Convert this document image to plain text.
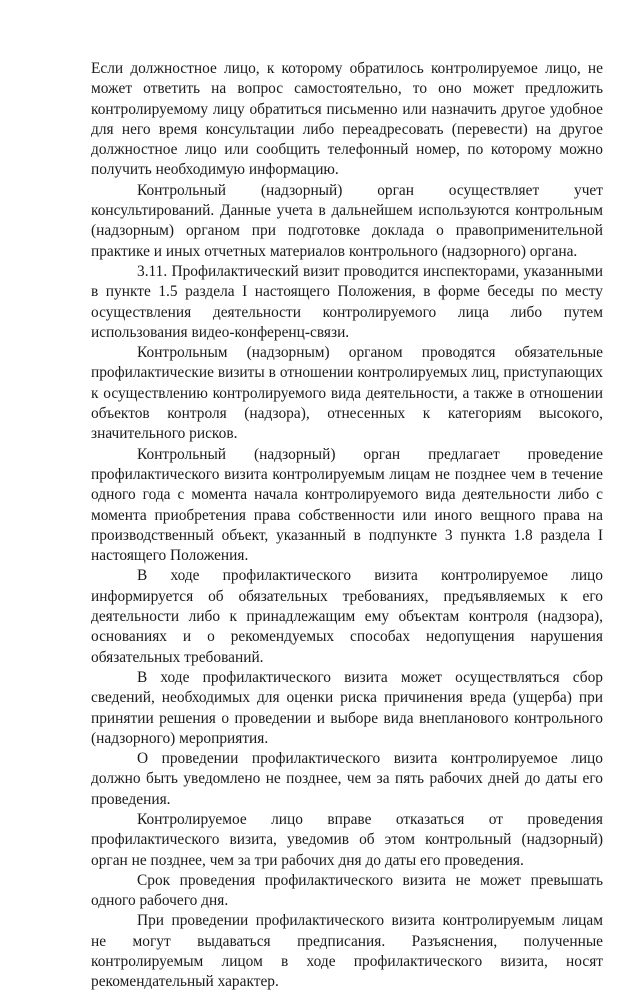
Если должностное лицо, к которому обратилось контролируемое лицо, не может ответить на вопрос самостоятельно, то оно может предложить контролируемому лицу обратиться письменно или назначить другое удобное для него время консультации либо переадресовать (перевести) на другое должностное лицо или сообщить телефонный номер, по которому можно получить необходимую информацию.

Контрольный (надзорный) орган осуществляет учет консультирований. Данные учета в дальнейшем используются контрольным (надзорным) органом при подготовке доклада о правоприменительной практике и иных отчетных материалов контрольного (надзорного) органа.

3.11. Профилактический визит проводится инспекторами, указанными в пункте 1.5 раздела I настоящего Положения, в форме беседы по месту осуществления деятельности контролируемого лица либо путем использования видео-конференц-связи.

Контрольным (надзорным) органом проводятся обязательные профилактические визиты в отношении контролируемых лиц, приступающих к осуществлению контролируемого вида деятельности, а также в отношении объектов контроля (надзора), отнесенных к категориям высокого, значительного рисков.

Контрольный (надзорный) орган предлагает проведение профилактического визита контролируемым лицам не позднее чем в течение одного года с момента начала контролируемого вида деятельности либо с момента приобретения права собственности или иного вещного права на производственный объект, указанный в подпункте 3 пункта 1.8 раздела I настоящего Положения.

В ходе профилактического визита контролируемое лицо информируется об обязательных требованиях, предъявляемых к его деятельности либо к принадлежащим ему объектам контроля (надзора), основаниях и о рекомендуемых способах недопущения нарушения обязательных требований.

В ходе профилактического визита может осуществляться сбор сведений, необходимых для оценки риска причинения вреда (ущерба) при принятии решения о проведении и выборе вида внепланового контрольного (надзорного) мероприятия.

О проведении профилактического визита контролируемое лицо должно быть уведомлено не позднее, чем за пять рабочих дней до даты его проведения.

Контролируемое лицо вправе отказаться от проведения профилактического визита, уведомив об этом контрольный (надзорный) орган не позднее, чем за три рабочих дня до даты его проведения.

Срок проведения профилактического визита не может превышать одного рабочего дня.

При проведении профилактического визита контролируемым лицам не могут выдаваться предписания. Разъяснения, полученные контролируемым лицом в ходе профилактического визита, носят рекомендательный характер.
